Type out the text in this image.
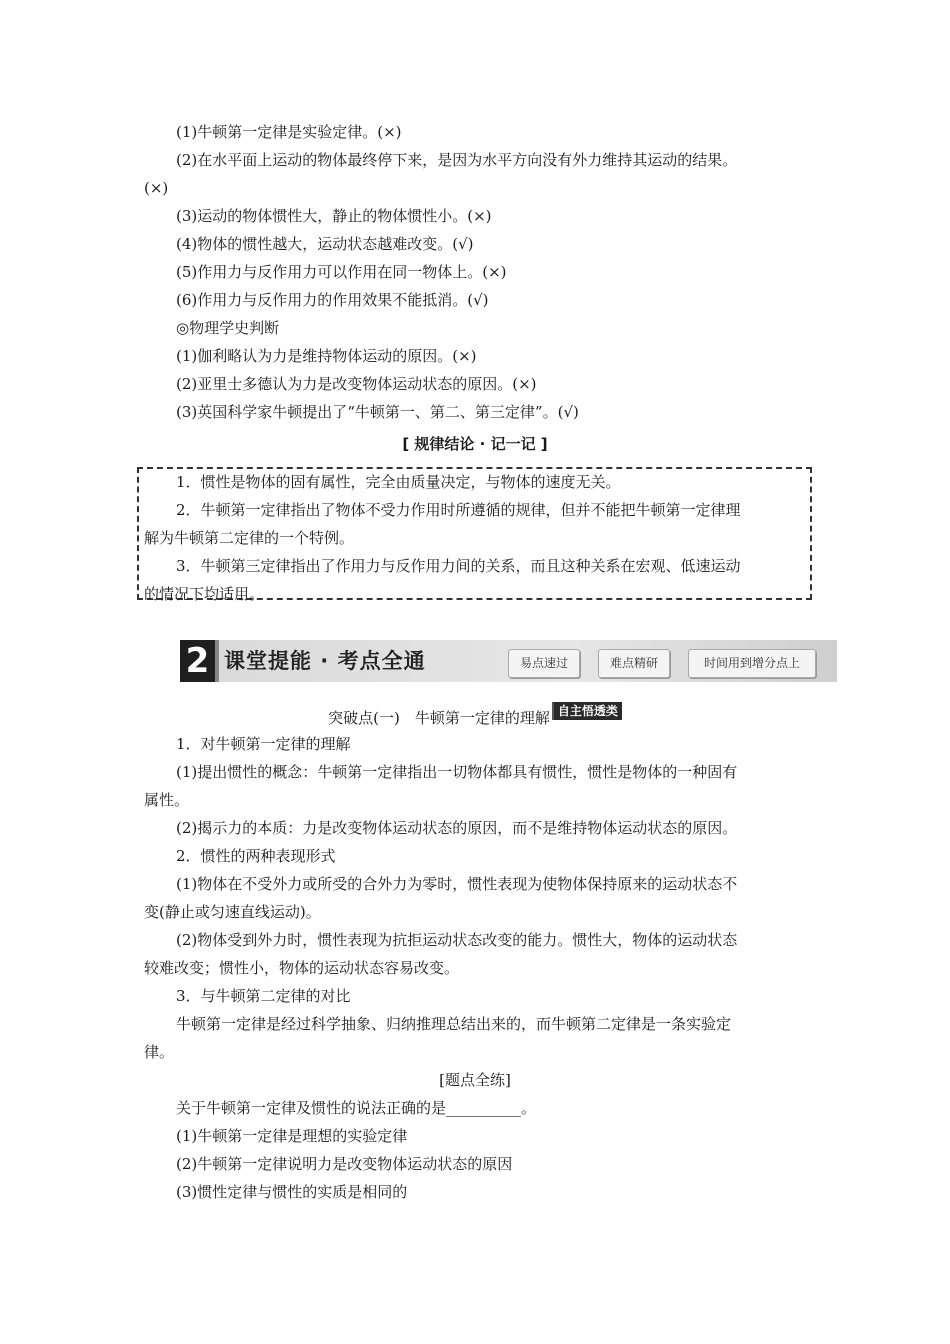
(1)牛顿第一定律是实验定律。(×)
(2)在水平面上运动的物体最终停下来，是因为水平方向没有外力维持其运动的结果。
(×)
(3)运动的物体惯性大，静止的物体惯性小。(×)
(4)物体的惯性越大，运动状态越难改变。(√)
(5)作用力与反作用力可以作用在同一物体上。(×)
(6)作用力与反作用力的作用效果不能抵消。(√)
◎物理学史判断
(1)伽利略认为力是维持物体运动的原因。(×)
(2)亚里士多德认为力是改变物体运动状态的原因。(×)
(3)英国科学家牛顿提出了“牛顿第一、第二、第三定律”。(√)
[ 规律结论 · 记一记 ]
1．惯性是物体的固有属性，完全由质量决定，与物体的速度无关。
2．牛顿第一定律指出了物体不受力作用时所遵循的规律，但并不能把牛顿第一定律理
解为牛顿第二定律的一个特例。
3．牛顿第三定律指出了作用力与反作用力间的关系，而且这种关系在宏观、低速运动
的情况下均适用。
2 课堂提能 · 考点全通	易点速过	难点精研	时间用到增分点上
突破点(一)　牛顿第一定律的理解 自主悟透类
1．对牛顿第一定律的理解
(1)提出惯性的概念：牛顿第一定律指出一切物体都具有惯性，惯性是物体的一种固有
属性。
(2)揭示力的本质：力是改变物体运动状态的原因，而不是维持物体运动状态的原因。
2．惯性的两种表现形式
(1)物体在不受外力或所受的合外力为零时，惯性表现为使物体保持原来的运动状态不
变(静止或匀速直线运动)。
(2)物体受到外力时，惯性表现为抗拒运动状态改变的能力。惯性大，物体的运动状态
较难改变；惯性小，物体的运动状态容易改变。
3．与牛顿第二定律的对比
牛顿第一定律是经过科学抽象、归纳推理总结出来的，而牛顿第二定律是一条实验定
律。
[题点全练]
关于牛顿第一定律及惯性的说法正确的是__________。
(1)牛顿第一定律是理想的实验定律
(2)牛顿第一定律说明力是改变物体运动状态的原因
(3)惯性定律与惯性的实质是相同的
